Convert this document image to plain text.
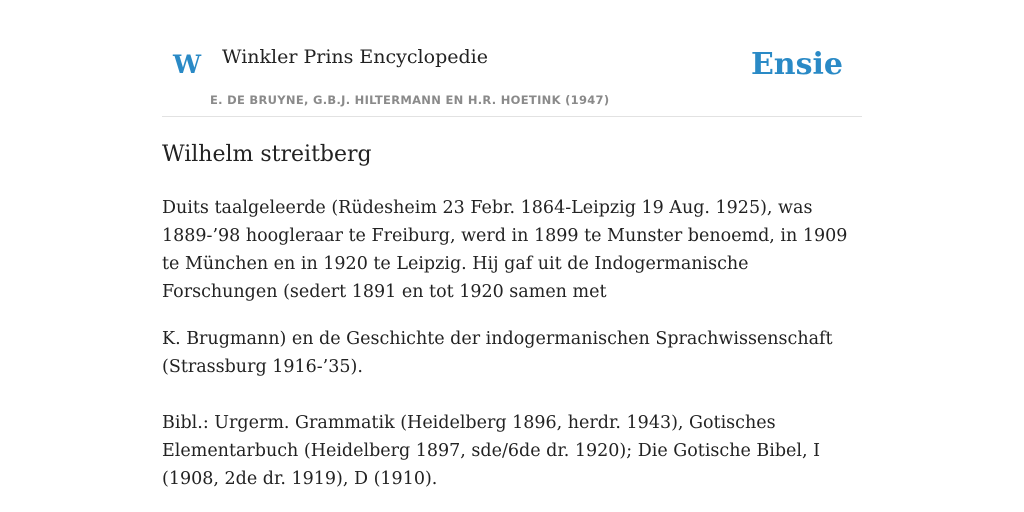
W Winkler Prins Encyclopedie
E. DE BRUYNE, G.B.J. HILTERMANN EN H.R. HOETINK (1947)
Ensie
Wilhelm streitberg

Duits taalgeleerde (Rüdesheim 23 Febr. 1864-Leipzig 19 Aug. 1925), was 1889-’98 hoogleraar te Freiburg, werd in 1899 te Munster benoemd, in 1909 te München en in 1920 te Leipzig. Hij gaf uit de Indogermanische Forschungen (sedert 1891 en tot 1920 samen met

K. Brugmann) en de Geschichte der indogermanischen Sprachwissenschaft (Strassburg 1916-’35).

Bibl.: Urgerm. Grammatik (Heidelberg 1896, herdr. 1943), Gotisches Elementarbuch (Heidelberg 1897, sde/6de dr. 1920); Die Gotische Bibel, I (1908, 2de dr. 1919), D (1910).
